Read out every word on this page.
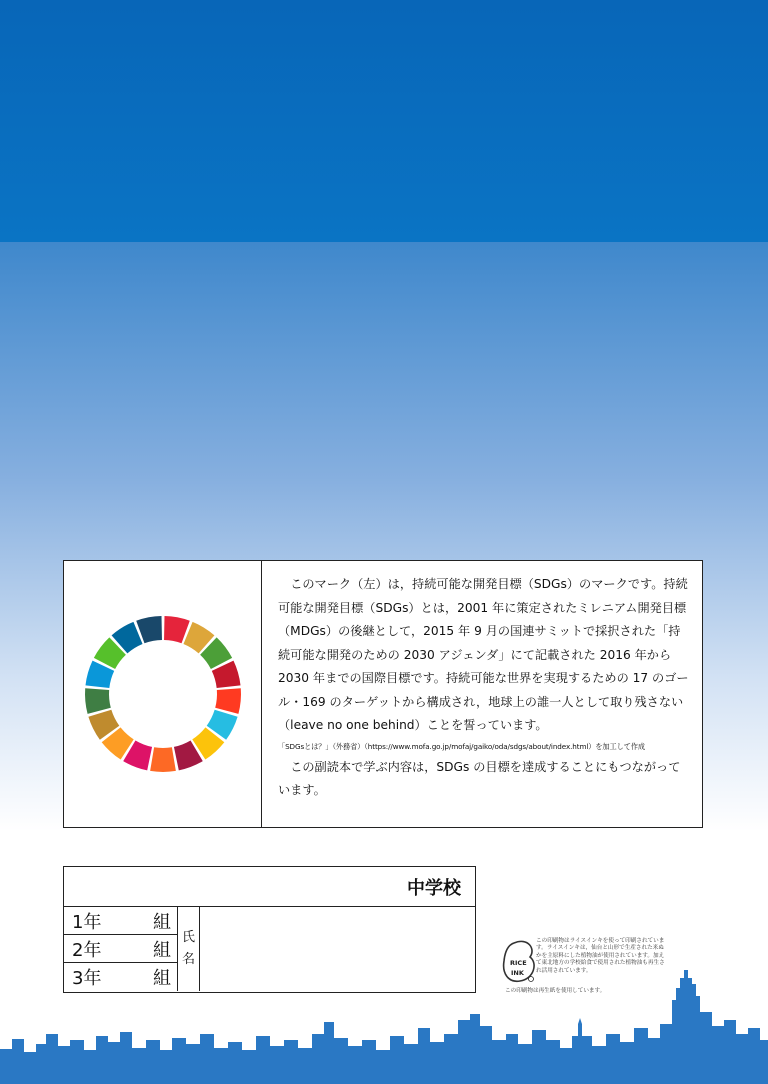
このマーク（左）は，持続可能な開発目標（SDGs）のマークです。持続可能な開発目標（SDGs）とは，2001 年に策定されたミレニアム開発目標（MDGs）の後継として，2015 年 9 月の国連サミットで採択された「持続可能な開発のための 2030 アジェンダ」にて記載された 2016 年から 2030 年までの国際目標です。持続可能な世界を実現するための 17 のゴール・169 のターゲットから構成され，地球上の誰一人として取り残さない（leave no one behind）ことを誓っています。

「SDGsとは？」（外務省）（https://www.mofa.go.jp/mofaj/gaiko/oda/sdgs/about/index.html）を加工して作成

この副読本で学ぶ内容は，SDGs の目標を達成することにもつながっています。

中学校
1年	組
2年	組
3年	組
氏
名	RICE
INK
この印刷物はライスインキを使って印刷されています。ライスインキは，仙台と山形で生産された米ぬかを主原料にした植物油が使用されています。加えて東北地方の学校給食で使用された植物油も再生され活用されています。
この印刷物は再生紙を使用しています。
